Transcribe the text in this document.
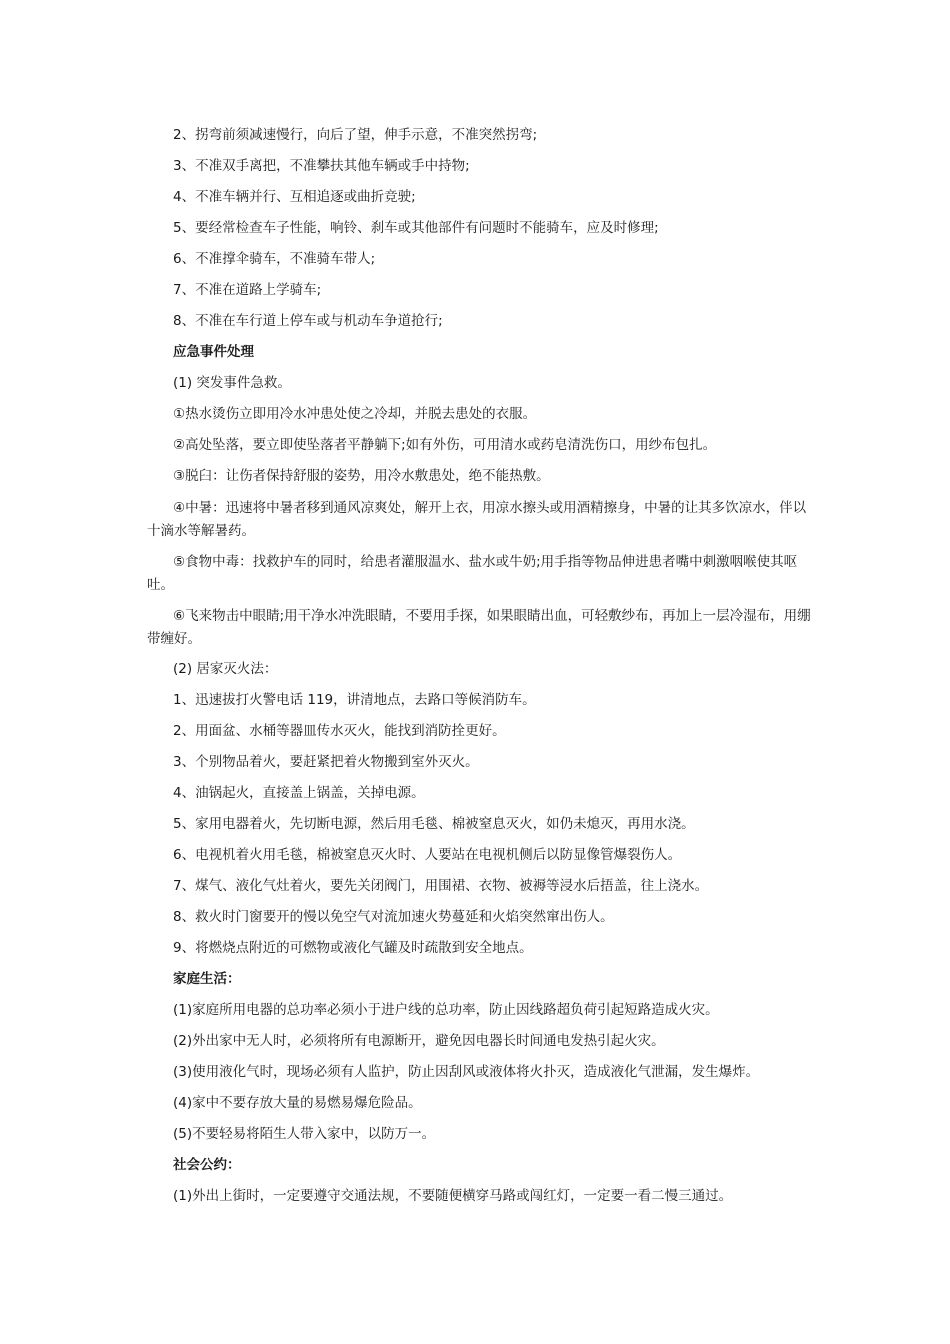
2、拐弯前须减速慢行，向后了望，伸手示意，不准突然拐弯;

3、不准双手离把，不准攀扶其他车辆或手中持物;

4、不准车辆并行、互相追逐或曲折竞驶;

5、要经常检查车子性能，响铃、刹车或其他部件有问题时不能骑车，应及时修理;

6、不准撑伞骑车，不准骑车带人;

7、不准在道路上学骑车;

8、不准在车行道上停车或与机动车争道抢行;

应急事件处理

(1) 突发事件急救。

①热水烫伤立即用冷水冲患处使之冷却，并脱去患处的衣服。

②高处坠落，要立即使坠落者平静躺下;如有外伤，可用清水或药皂清洗伤口，用纱布包扎。

③脱臼：让伤者保持舒服的姿势，用冷水敷患处，绝不能热敷。

④中暑：迅速将中暑者移到通风凉爽处，解开上衣，用凉水擦头或用酒精擦身，中暑的让其多饮凉水，伴以十滴水等解暑药。

⑤食物中毒：找救护车的同时，给患者灌服温水、盐水或牛奶;用手指等物品伸进患者嘴中刺激咽喉使其呕吐。

⑥飞来物击中眼睛;用干净水冲洗眼睛，不要用手探，如果眼睛出血，可轻敷纱布，再加上一层冷湿布，用绷带缠好。

(2) 居家灭火法：

1、迅速拔打火警电话 119，讲清地点，去路口等候消防车。

2、用面盆、水桶等器皿传水灭火，能找到消防拴更好。

3、个别物品着火，要赶紧把着火物搬到室外灭火。

4、油锅起火，直接盖上锅盖，关掉电源。

5、家用电器着火，先切断电源，然后用毛毯、棉被窒息灭火，如仍未熄灭，再用水浇。

6、电视机着火用毛毯，棉被窒息灭火时、人要站在电视机侧后以防显像管爆裂伤人。

7、煤气、液化气灶着火，要先关闭阀门，用围裙、衣物、被褥等浸水后捂盖，往上浇水。

8、救火时门窗要开的慢以免空气对流加速火势蔓延和火焰突然窜出伤人。

9、将燃烧点附近的可燃物或液化气罐及时疏散到安全地点。

家庭生活：

(1)家庭所用电器的总功率必须小于进户线的总功率，防止因线路超负荷引起短路造成火灾。

(2)外出家中无人时，必须将所有电源断开，避免因电器长时间通电发热引起火灾。

(3)使用液化气时，现场必须有人监护，防止因刮风或液体将火扑灭，造成液化气泄漏，发生爆炸。

(4)家中不要存放大量的易燃易爆危险品。

(5)不要轻易将陌生人带入家中，以防万一。

社会公约：

(1)外出上街时，一定要遵守交通法规，不要随便横穿马路或闯红灯，一定要一看二慢三通过。
